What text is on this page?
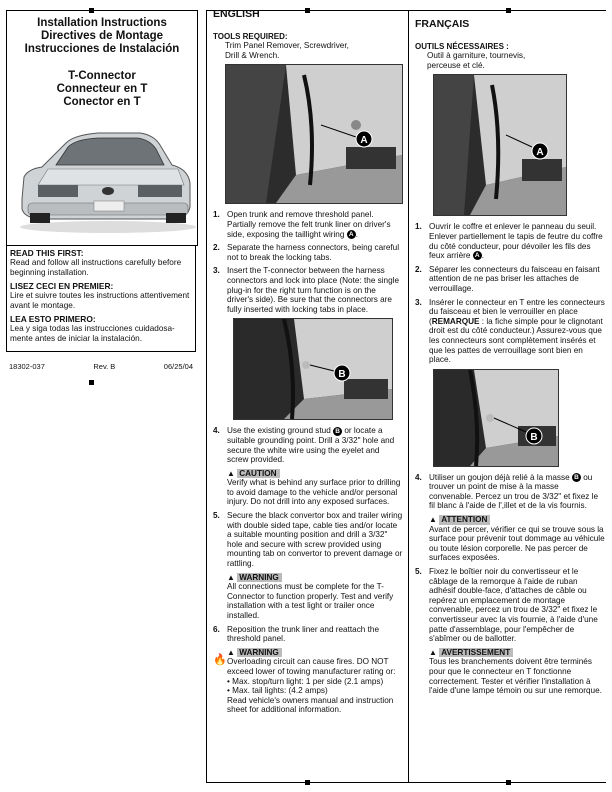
Installation Instructions
Directives de Montage
Instrucciones de Instalación
T-Connector
Connecteur en T
Conector en T

READ THIS FIRST:
Read and follow all instructions carefully before beginning installation.

LISEZ CECI EN PREMIER:
Lire et suivre toutes les instructions attentivement avant le montage.

LEA ESTO PRIMERO:
Lea y siga todas las instrucciones cuidadosa-mente antes de iniciar la instalación.

18302-037	Rev. B	06/25/04
ENGLISH
TOOLS REQUIRED:
Trim Panel Remover, Screwdriver, Drill & Wrench.
A
1. Open trunk and remove threshold panel. Partially remove the felt trunk liner on driver's side, exposing the taillight wiring A .
2. Separate the harness connectors, being careful not to break the locking tabs.
3. Insert the T-connector between the harness connectors and lock into place (Note: the single plug-in for the right turn function is on the driver's side). Be sure that the connectors are fully inserted with locking tabs in place.
B
4. Use the existing ground stud B or locate a suitable grounding point. Drill a 3/32" hole and secure the white wire using the eyelet and screw provided.
▲ CAUTION
Verify what is behind any surface prior to drilling to avoid damage to the vehicle and/or personal injury. Do not drill into any exposed surfaces.
5. Secure the black convertor box and trailer wiring with double sided tape, cable ties and/or locate a suitable mounting position and drill a 3/32" hole and secure with screw provided using mounting tab on convertor to prevent damage or rattling.
▲ WARNING
All connections must be complete for the T-Connector to function properly. Test and verify installation with a test light or trailer once installed.
6. Reposition the trunk liner and reattach the threshold panel.
🔥
▲ WARNING
Overloading circuit can cause fires. DO NOT exceed lower of towing manufacturer rating or:
• Max. stop/turn light: 1 per side (2.1 amps)
• Max. tail lights: (4.2 amps)
Read vehicle's owners manual and instruction sheet for additional information.
FRANÇAIS
OUTILS NÉCESSAIRES :
Outil à garniture, tournevis, perceuse et clé.
A
1. Ouvrir le coffre et enlever le panneau du seuil. Enlever partiellement le tapis de feutre du coffre du côté conducteur, pour dévoiler les fils des feux arrière A .
2. Séparer les connecteurs du faisceau en faisant attention de ne pas briser les attaches de verrouillage.
3. Insérer le connecteur en T entre les connecteurs du faisceau et bien le verrouiller en place (REMARQUE : la fiche simple pour le clignotant droit est du côté conducteur.) Assurez-vous que les connecteurs sont complètement insérés et que les pattes de verrouillage sont bien en place.
B
4. Utiliser un goujon déjà relié à la masse B ou trouver un point de mise à la masse convenable. Percez un trou de 3/32" et fixez le fil blanc à l'aide de l',illet et de la vis fournis.
▲ ATTENTION
Avant de percer, vérifier ce qui se trouve sous la surface pour prévenir tout dommage au véhicule ou toute lésion corporelle. Ne pas percer de surfaces exposées.
5. Fixez le boîtier noir du convertisseur et le câblage de la remorque à l'aide de ruban adhésif double-face, d'attaches de câble ou repérez un emplacement de montage convenable, percez un trou de 3/32" et fixez le convertisseur avec la vis fournie, à l'aide d'une patte d'assemblage, pour l'empêcher de s'abîmer ou de ballotter.
▲ AVERTISSEMENT
Tous les branchements doivent être terminés pour que le connecteur en T fonctionne correctement. Tester et vérifier l'installation à l'aide d'une lampe témoin ou sur une remorque.
